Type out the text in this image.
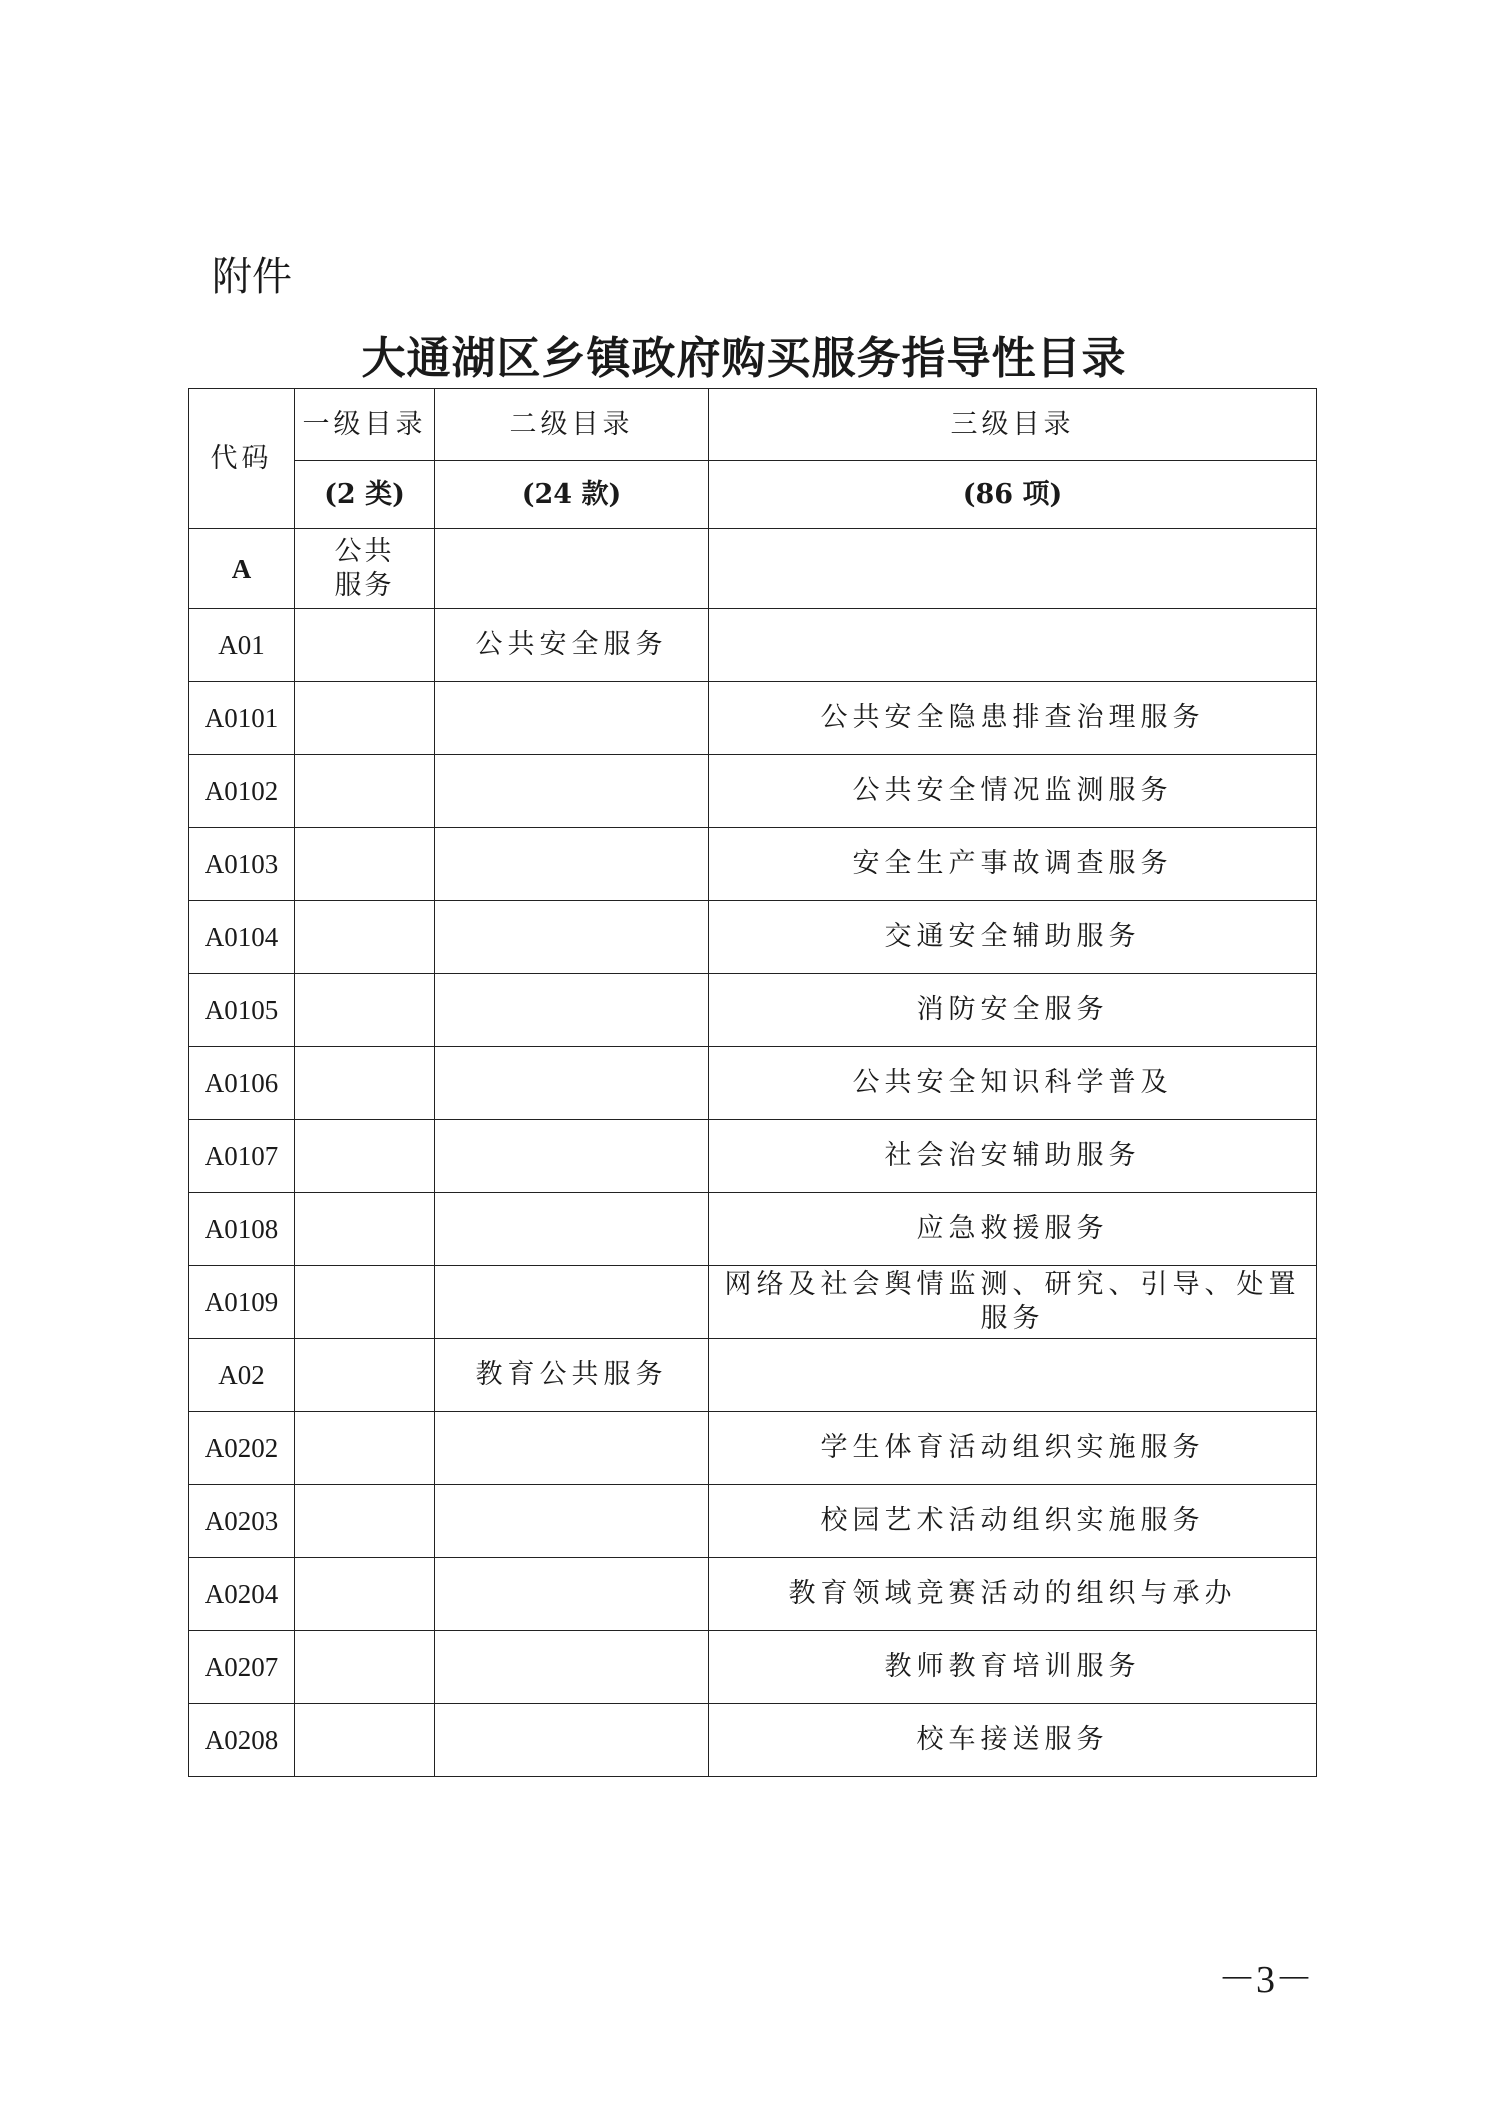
附件
大通湖区乡镇政府购买服务指导性目录
代码	一级目录	二级目录	三级目录
	(2 类)	(24 款)	(86 项)
A	公共
服务		

A01		公共安全服务	
A0101			公共安全隐患排查治理服务
A0102			公共安全情况监测服务
A0103			安全生产事故调查服务
A0104			交通安全辅助服务
A0105			消防安全服务
A0106			公共安全知识科学普及
A0107			社会治安辅助服务
A0108			应急救援服务
A0109			网络及社会舆情监测、研究、引导、处置服务
A02		教育公共服务	
A0202			学生体育活动组织实施服务
A0203			校园艺术活动组织实施服务
A0204			教育领域竞赛活动的组织与承办
A0207			教师教育培训服务
A0208			校车接送服务
－3－
